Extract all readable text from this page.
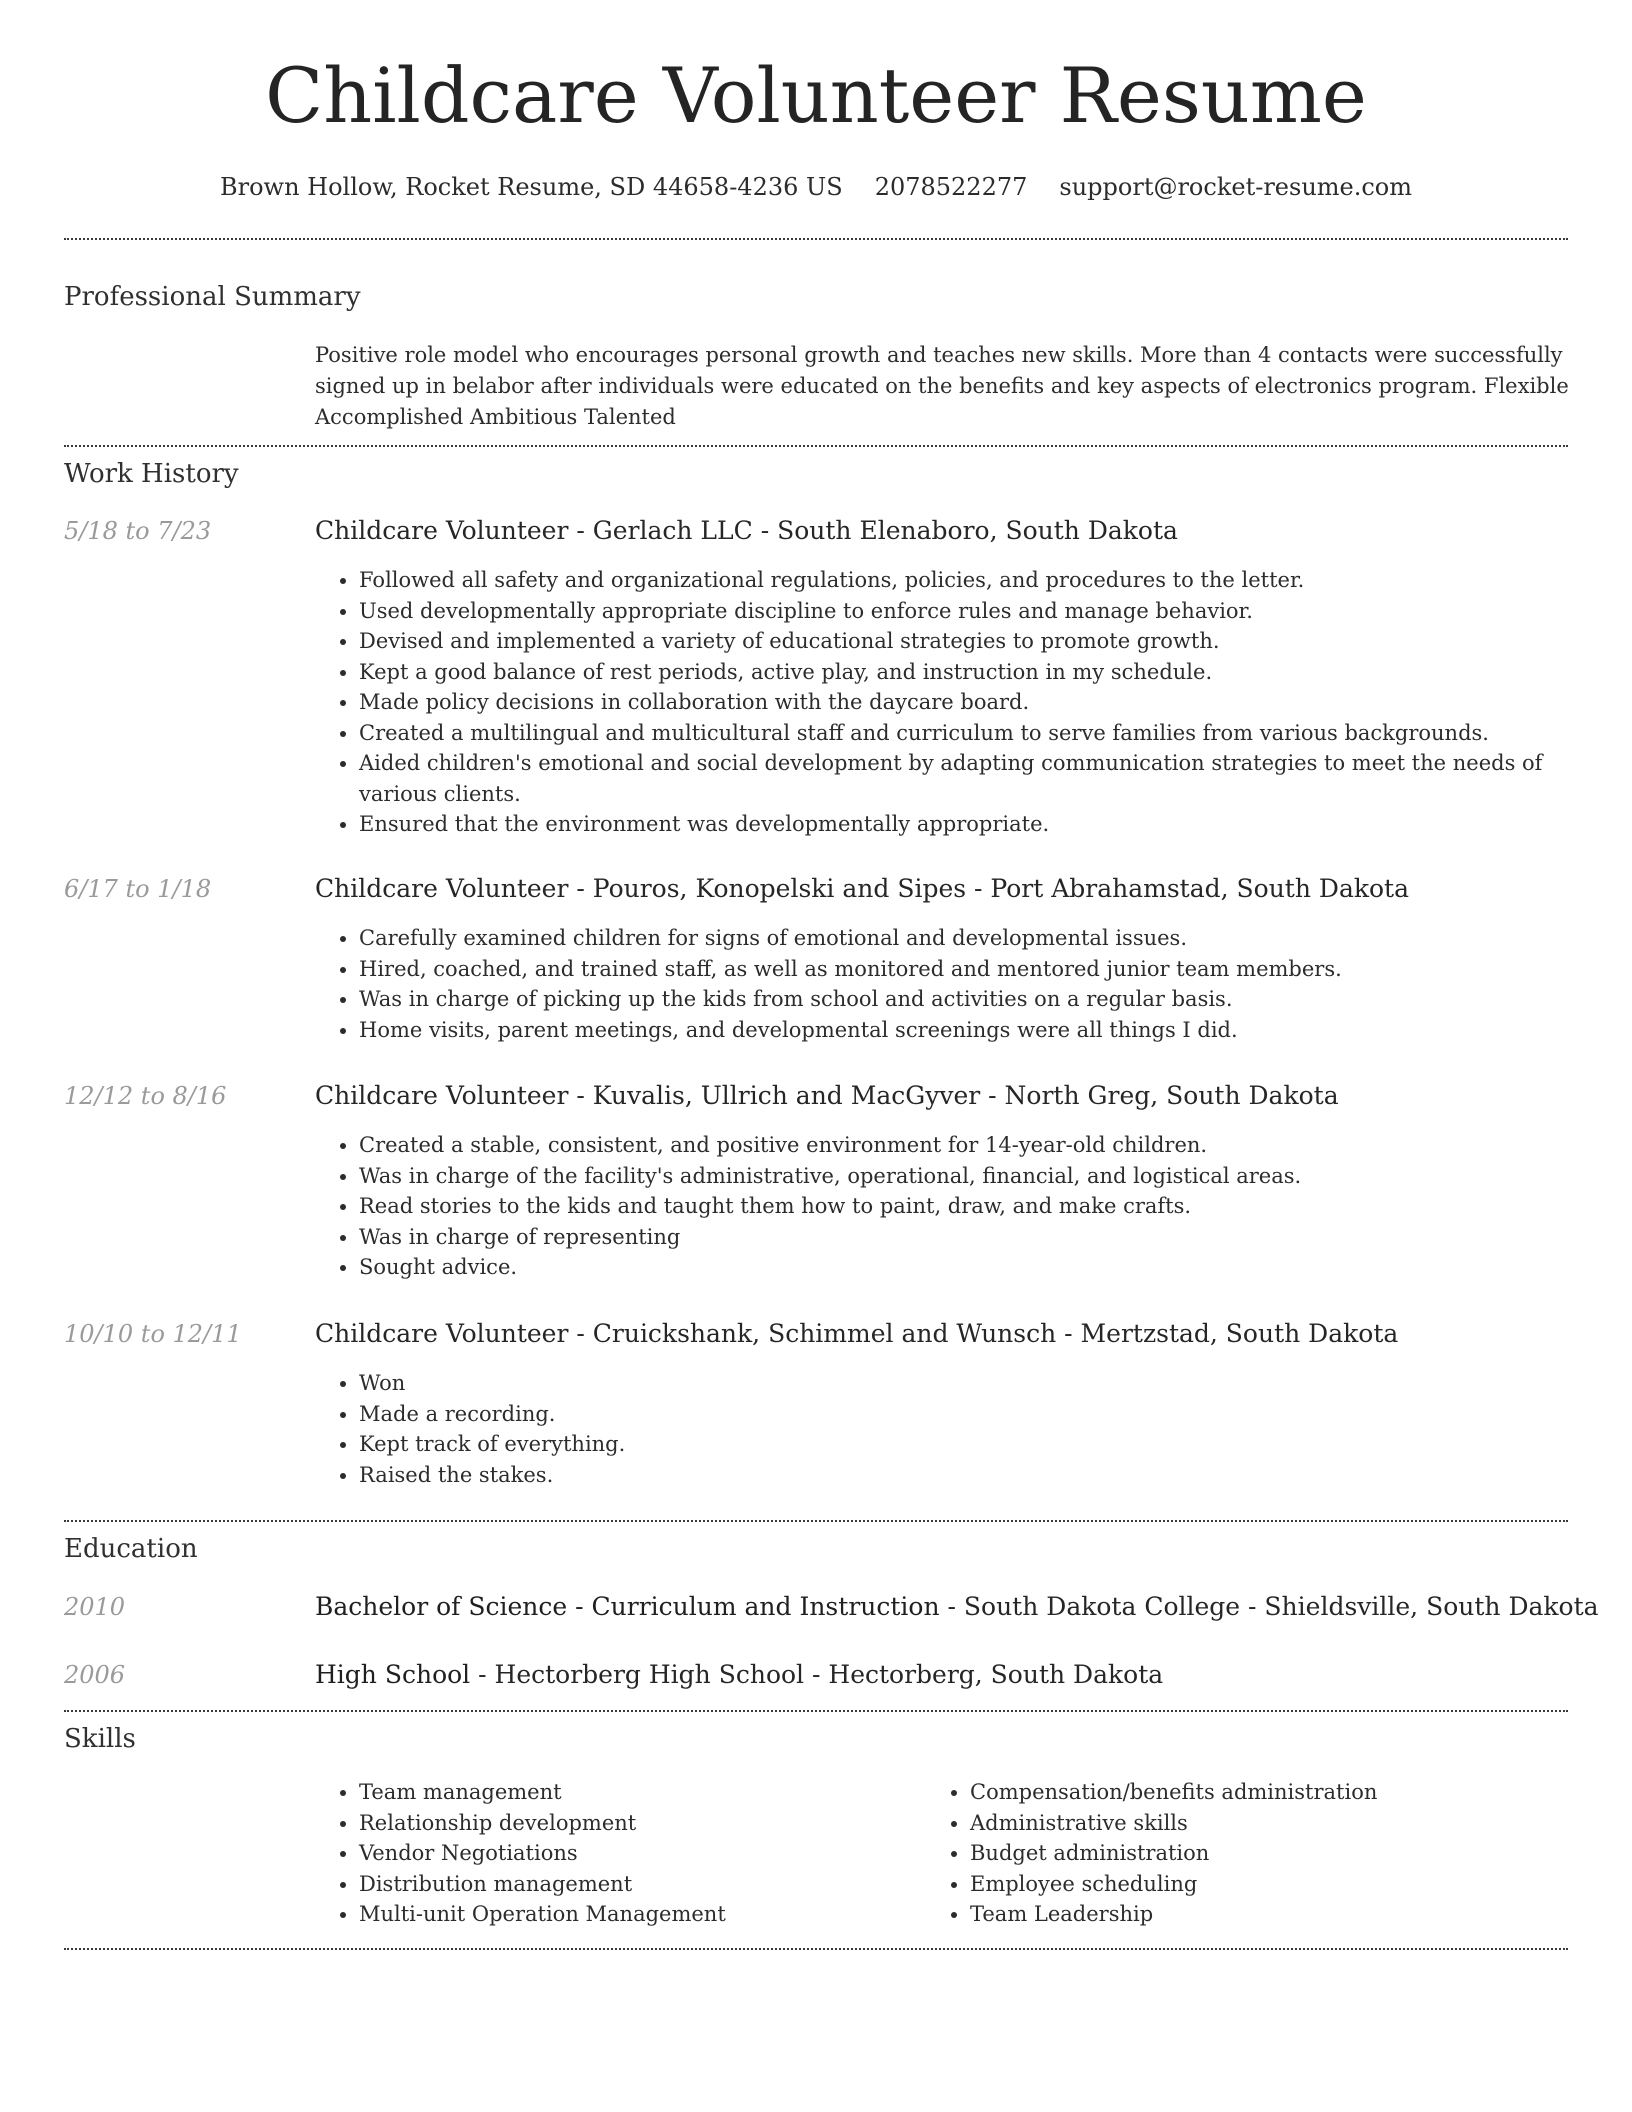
Childcare Volunteer Resume
Brown Hollow, Rocket Resume, SD 44658-4236 US 2078522277 support@rocket-resume.com
Professional Summary

Positive role model who encourages personal growth and teaches new skills. More than 4 contacts were successfully signed up in belabor after individuals were educated on the benefits and key aspects of electronics program. Flexible Accomplished Ambitious Talented

Work History
5/18 to 7/23	Childcare Volunteer - Gerlach LLC - South Elenaboro, South Dakota
• Followed all safety and organizational regulations, policies, and procedures to the letter.
• Used developmentally appropriate discipline to enforce rules and manage behavior.
• Devised and implemented a variety of educational strategies to promote growth.
• Kept a good balance of rest periods, active play, and instruction in my schedule.
• Made policy decisions in collaboration with the daycare board.
• Created a multilingual and multicultural staff and curriculum to serve families from various backgrounds.
• Aided children's emotional and social development by adapting communication strategies to meet the needs of various clients.
• Ensured that the environment was developmentally appropriate.
6/17 to 1/18	Childcare Volunteer - Pouros, Konopelski and Sipes - Port Abrahamstad, South Dakota
• Carefully examined children for signs of emotional and developmental issues.
• Hired, coached, and trained staff, as well as monitored and mentored junior team members.
• Was in charge of picking up the kids from school and activities on a regular basis.
• Home visits, parent meetings, and developmental screenings were all things I did.
12/12 to 8/16	Childcare Volunteer - Kuvalis, Ullrich and MacGyver - North Greg, South Dakota
• Created a stable, consistent, and positive environment for 14-year-old children.
• Was in charge of the facility's administrative, operational, financial, and logistical areas.
• Read stories to the kids and taught them how to paint, draw, and make crafts.
• Was in charge of representing
• Sought advice.
10/10 to 12/11	Childcare Volunteer - Cruickshank, Schimmel and Wunsch - Mertzstad, South Dakota
• Won
• Made a recording.
• Kept track of everything.
• Raised the stakes.
Education
2010	Bachelor of Science - Curriculum and Instruction - South Dakota College - Shieldsville, South Dakota
2006	High School - Hectorberg High School - Hectorberg, South Dakota
Skills
• Team management
• Relationship development
• Vendor Negotiations
• Distribution management
• Multi-unit Operation Management
• Compensation/benefits administration
• Administrative skills
• Budget administration
• Employee scheduling
• Team Leadership
